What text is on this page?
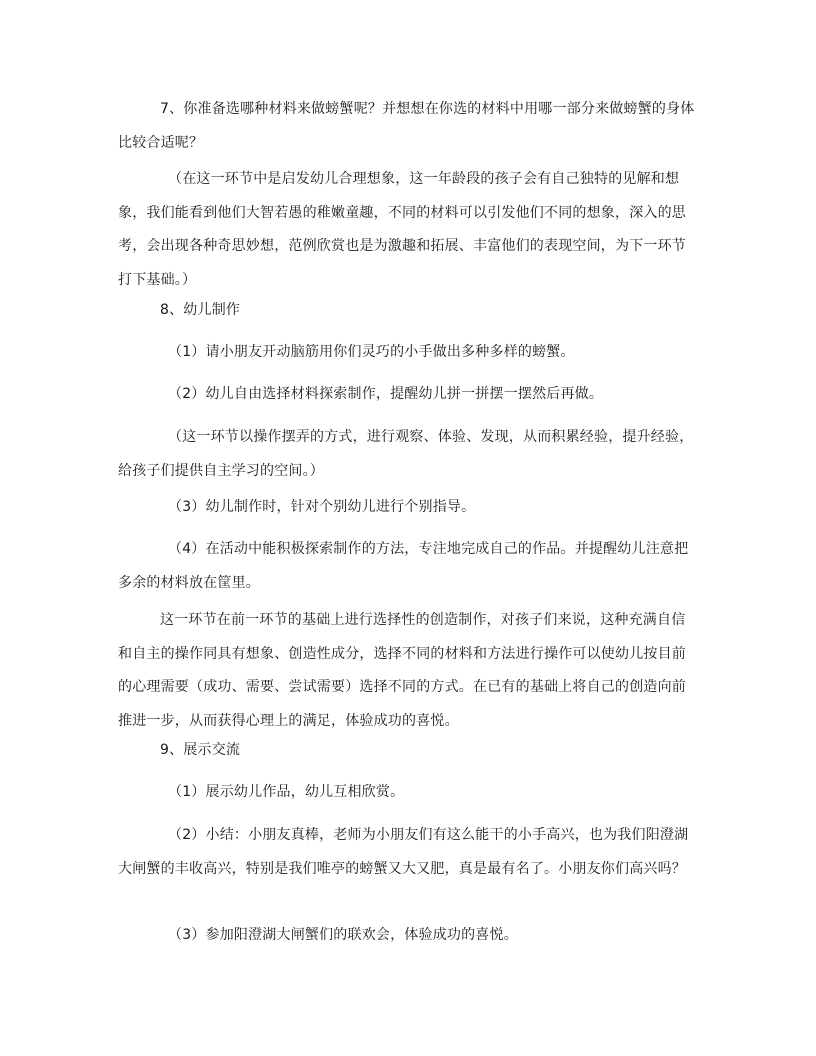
7、你准备选哪种材料来做螃蟹呢？并想想在你选的材料中用哪一部分来做螃蟹的身体比较合适呢？

（在这一环节中是启发幼儿合理想象，这一年龄段的孩子会有自己独特的见解和想象，我们能看到他们大智若愚的稚嫩童趣，不同的材料可以引发他们不同的想象，深入的思考，会出现各种奇思妙想，范例欣赏也是为激趣和拓展、丰富他们的表现空间，为下一环节打下基础。）

8、幼儿制作

（1）请小朋友开动脑筋用你们灵巧的小手做出多种多样的螃蟹。

（2）幼儿自由选择材料探索制作，提醒幼儿拼一拼摆一摆然后再做。

（这一环节以操作摆弄的方式，进行观察、体验、发现，从而积累经验，提升经验，给孩子们提供自主学习的空间。）

（3）幼儿制作时，针对个别幼儿进行个别指导。

（4）在活动中能积极探索制作的方法，专注地完成自己的作品。并提醒幼儿注意把多余的材料放在筐里。

这一环节在前一环节的基础上进行选择性的创造制作，对孩子们来说，这种充满自信和自主的操作同具有想象、创造性成分，选择不同的材料和方法进行操作可以使幼儿按目前的心理需要（成功、需要、尝试需要）选择不同的方式。在已有的基础上将自己的创造向前推进一步，从而获得心理上的满足，体验成功的喜悦。

9、展示交流

（1）展示幼儿作品，幼儿互相欣赏。

（2）小结：小朋友真棒，老师为小朋友们有这么能干的小手高兴，也为我们阳澄湖大闸蟹的丰收高兴，特别是我们唯亭的螃蟹又大又肥，真是最有名了。小朋友你们高兴吗？

（3）参加阳澄湖大闸蟹们的联欢会，体验成功的喜悦。
